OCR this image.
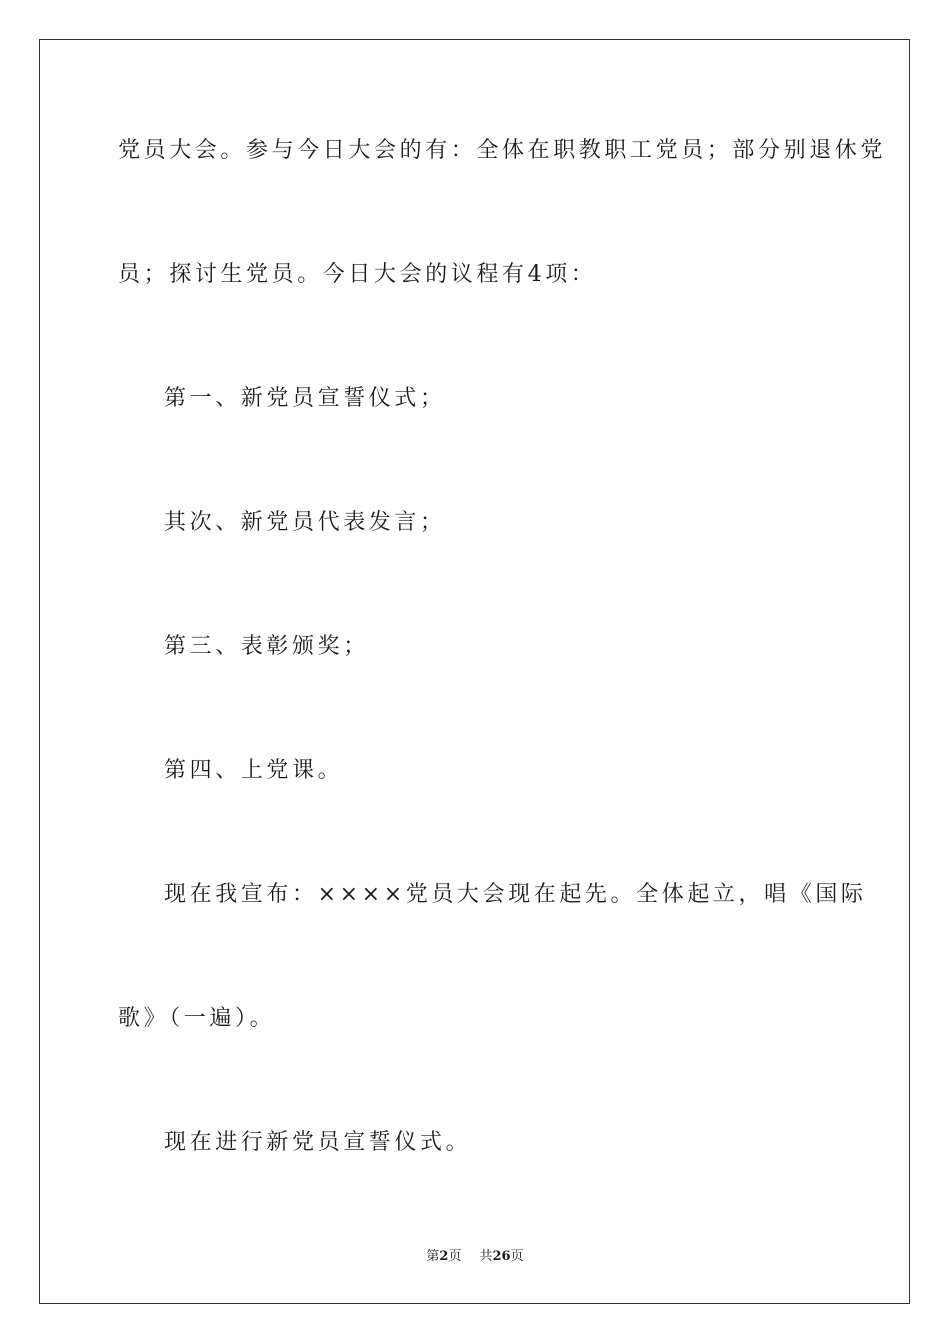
党员大会。参与今日大会的有：全体在职教职工党员；部分别退休党

员；探讨生党员。今日大会的议程有4项：

第一、新党员宣誓仪式；

其次、新党员代表发言；

第三、表彰颁奖；

第四、上党课。

现在我宣布：××××党员大会现在起先。全体起立，唱《国际

歌》（一遍）。

现在进行新党员宣誓仪式。

第2页 共26页
